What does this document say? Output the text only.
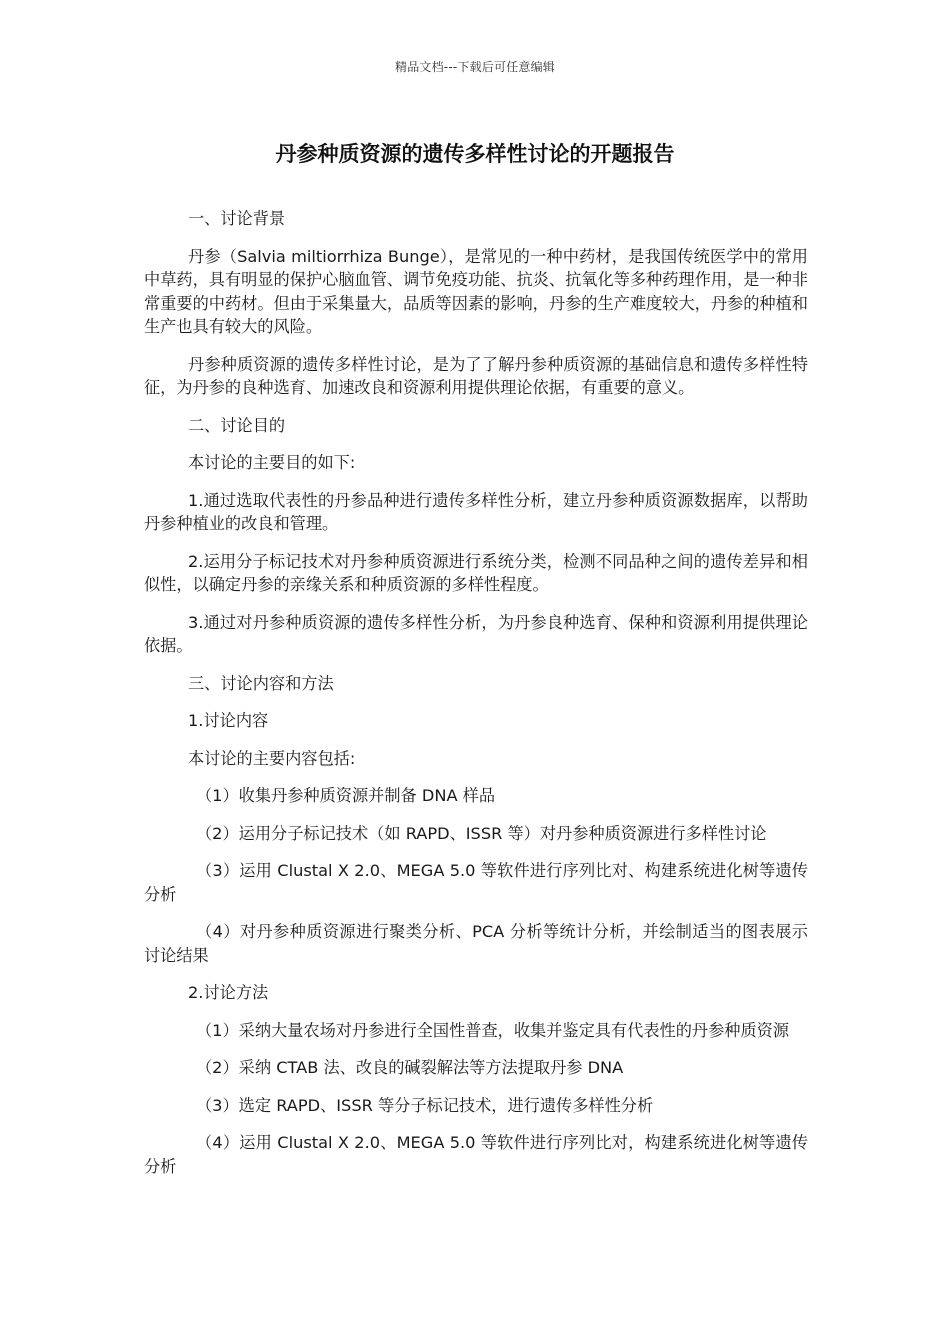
精品文档---下载后可任意编辑
丹参种质资源的遗传多样性讨论的开题报告

一、讨论背景

丹参（Salvia miltiorrhiza Bunge），是常见的一种中药材，是我国传统医学中的常用中草药，具有明显的保护心脑血管、调节免疫功能、抗炎、抗氧化等多种药理作用，是一种非常重要的中药材。但由于采集量大，品质等因素的影响，丹参的生产难度较大，丹参的种植和生产也具有较大的风险。

丹参种质资源的遗传多样性讨论，是为了了解丹参种质资源的基础信息和遗传多样性特征，为丹参的良种选育、加速改良和资源利用提供理论依据，有重要的意义。

二、讨论目的

本讨论的主要目的如下:

1.通过选取代表性的丹参品种进行遗传多样性分析，建立丹参种质资源数据库，以帮助丹参种植业的改良和管理。

2.运用分子标记技术对丹参种质资源进行系统分类，检测不同品种之间的遗传差异和相似性，以确定丹参的亲缘关系和种质资源的多样性程度。

3.通过对丹参种质资源的遗传多样性分析，为丹参良种选育、保种和资源利用提供理论依据。

三、讨论内容和方法

1.讨论内容

本讨论的主要内容包括:

（1）收集丹参种质资源并制备 DNA 样品

（2）运用分子标记技术（如 RAPD、ISSR 等）对丹参种质资源进行多样性讨论

（3）运用 Clustal X 2.0、MEGA 5.0 等软件进行序列比对、构建系统进化树等遗传分析

（4）对丹参种质资源进行聚类分析、PCA 分析等统计分析，并绘制适当的图表展示讨论结果

2.讨论方法

（1）采纳大量农场对丹参进行全国性普查，收集并鉴定具有代表性的丹参种质资源

（2）采纳 CTAB 法、改良的碱裂解法等方法提取丹参 DNA

（3）选定 RAPD、ISSR 等分子标记技术，进行遗传多样性分析

（4）运用 Clustal X 2.0、MEGA 5.0 等软件进行序列比对，构建系统进化树等遗传分析
